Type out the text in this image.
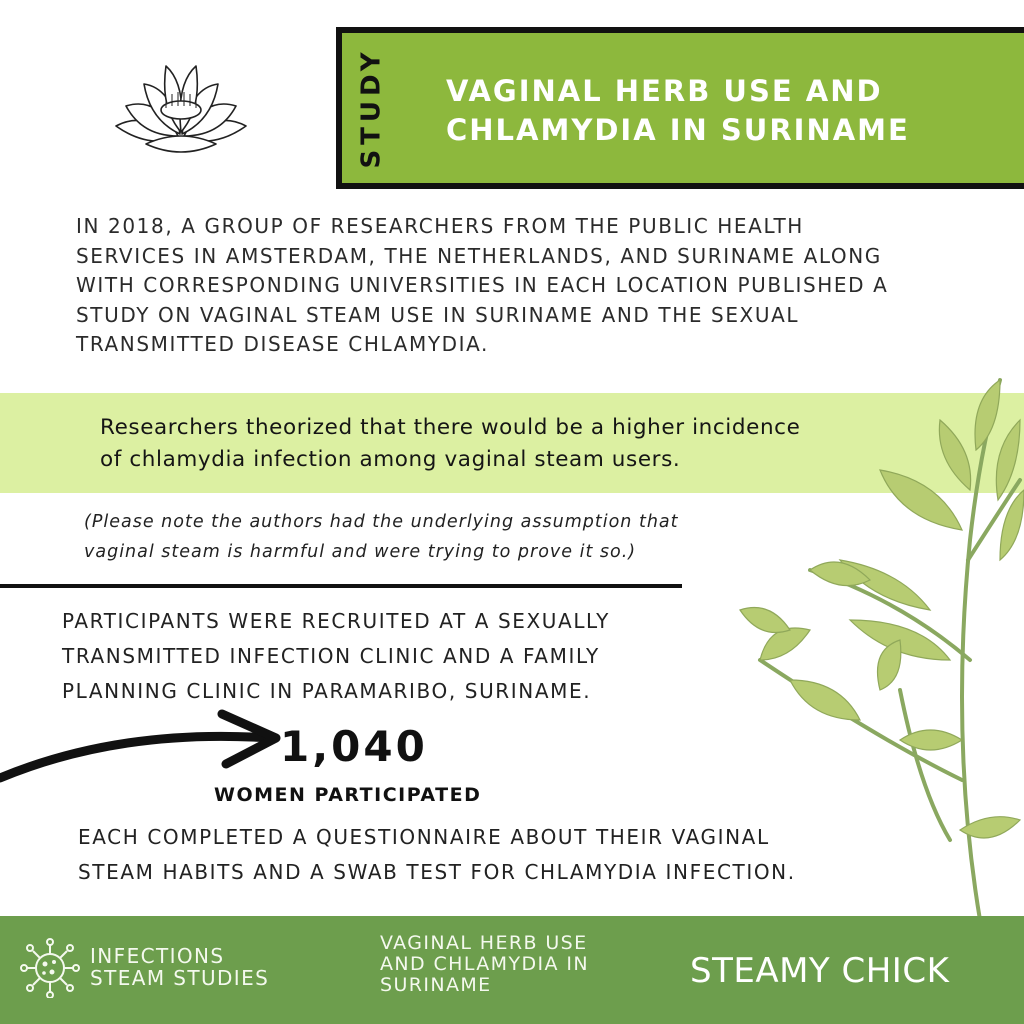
STUDY VAGINAL HERB USE AND
CHLAMYDIA IN SURINAME
IN 2018, A GROUP OF RESEARCHERS FROM THE PUBLIC HEALTH
SERVICES IN AMSTERDAM, THE NETHERLANDS, AND SURINAME ALONG
WITH CORRESPONDING UNIVERSITIES IN EACH LOCATION PUBLISHED A
STUDY ON VAGINAL STEAM USE IN SURINAME AND THE SEXUAL
TRANSMITTED DISEASE CHLAMYDIA.
Researchers theorized that there would be a higher incidence
of chlamydia infection among vaginal steam users.
(Please note the authors had the underlying assumption that
vaginal steam is harmful and were trying to prove it so.)
PARTICIPANTS WERE RECRUITED AT A SEXUALLY
TRANSMITTED INFECTION CLINIC AND A FAMILY
PLANNING CLINIC IN PARAMARIBO, SURINAME.
1,040
WOMEN PARTICIPATED
EACH COMPLETED A QUESTIONNAIRE ABOUT THEIR VAGINAL
STEAM HABITS AND A SWAB TEST FOR CHLAMYDIA INFECTION.
INFECTIONS
STEAM STUDIES
VAGINAL HERB USE
AND CHLAMYDIA IN
SURINAME	STEAMY CHICK
